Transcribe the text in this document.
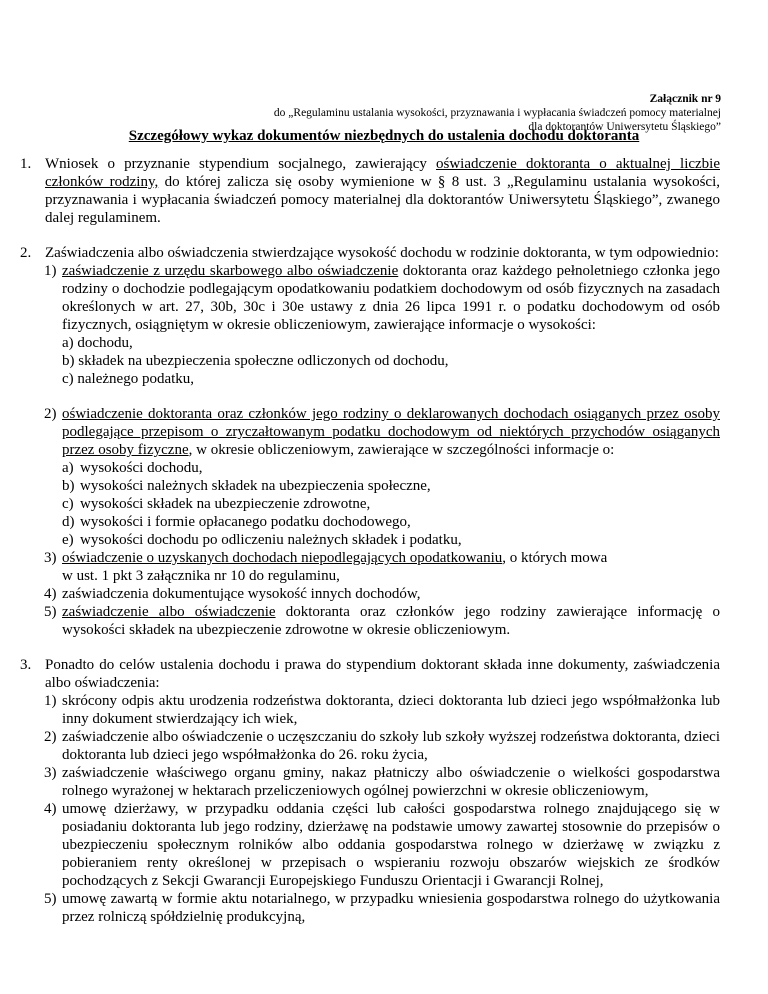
Załącznik nr 9
do „Regulaminu ustalania wysokości, przyznawania i wypłacania świadczeń pomocy materialnej
dla doktorantów Uniwersytetu Śląskiego”
Szczegółowy wykaz dokumentów niezbędnych do ustalenia dochodu doktoranta
1. Wniosek o przyznanie stypendium socjalnego, zawierający oświadczenie doktoranta o aktualnej liczbie członków rodziny, do której zalicza się osoby wymienione w § 8 ust. 3 „Regulaminu ustalania wysokości, przyznawania i wypłacania świadczeń pomocy materialnej dla doktorantów Uniwersytetu Śląskiego”, zwanego dalej regulaminem.
2. Zaświadczenia albo oświadczenia stwierdzające wysokość dochodu w rodzinie doktoranta, w tym odpowiednio:
1) zaświadczenie z urzędu skarbowego albo oświadczenie doktoranta oraz każdego pełnoletniego członka jego rodziny o dochodzie podlegającym opodatkowaniu podatkiem dochodowym od osób fizycznych na zasadach określonych w art. 27, 30b, 30c i 30e ustawy z dnia 26 lipca 1991 r. o podatku dochodowym od osób fizycznych, osiągniętym w okresie obliczeniowym, zawierające informacje o wysokości:
a) dochodu,
b) składek na ubezpieczenia społeczne odliczonych od dochodu,
c) należnego podatku,
2) oświadczenie doktoranta oraz członków jego rodziny o deklarowanych dochodach osiąganych przez osoby podlegające przepisom o zryczałtowanym podatku dochodowym od niektórych przychodów osiąganych przez osoby fizyczne, w okresie obliczeniowym, zawierające w szczególności informacje o:
a) wysokości dochodu,
b) wysokości należnych składek na ubezpieczenia społeczne,
c) wysokości składek na ubezpieczenie zdrowotne,
d) wysokości i formie opłacanego podatku dochodowego,
e) wysokości dochodu po odliczeniu należnych składek i podatku,
3) oświadczenie o uzyskanych dochodach niepodlegających opodatkowaniu, o których mowa
w ust. 1 pkt 3 załącznika nr 10 do regulaminu,
4) zaświadczenia dokumentujące wysokość innych dochodów,
5) zaświadczenie albo oświadczenie doktoranta oraz członków jego rodziny zawierające informację o wysokości składek na ubezpieczenie zdrowotne w okresie obliczeniowym.
3. Ponadto do celów ustalenia dochodu i prawa do stypendium doktorant składa inne dokumenty, zaświadczenia albo oświadczenia:
1) skrócony odpis aktu urodzenia rodzeństwa doktoranta, dzieci doktoranta lub dzieci jego współmałżonka lub inny dokument stwierdzający ich wiek,
2) zaświadczenie albo oświadczenie o uczęszczaniu do szkoły lub szkoły wyższej rodzeństwa doktoranta, dzieci doktoranta lub dzieci jego współmałżonka do 26. roku życia,
3) zaświadczenie właściwego organu gminy, nakaz płatniczy albo oświadczenie o wielkości gospodarstwa rolnego wyrażonej w hektarach przeliczeniowych ogólnej powierzchni w okresie obliczeniowym,
4) umowę dzierżawy, w przypadku oddania części lub całości gospodarstwa rolnego znajdującego się w posiadaniu doktoranta lub jego rodziny, dzierżawę na podstawie umowy zawartej stosownie do przepisów o ubezpieczeniu społecznym rolników albo oddania gospodarstwa rolnego w dzierżawę w związku z pobieraniem renty określonej w przepisach o wspieraniu rozwoju obszarów wiejskich ze środków pochodzących z Sekcji Gwarancji Europejskiego Funduszu Orientacji i Gwarancji Rolnej,
5) umowę zawartą w formie aktu notarialnego, w przypadku wniesienia gospodarstwa rolnego do użytkowania przez rolniczą spółdzielnię produkcyjną,
